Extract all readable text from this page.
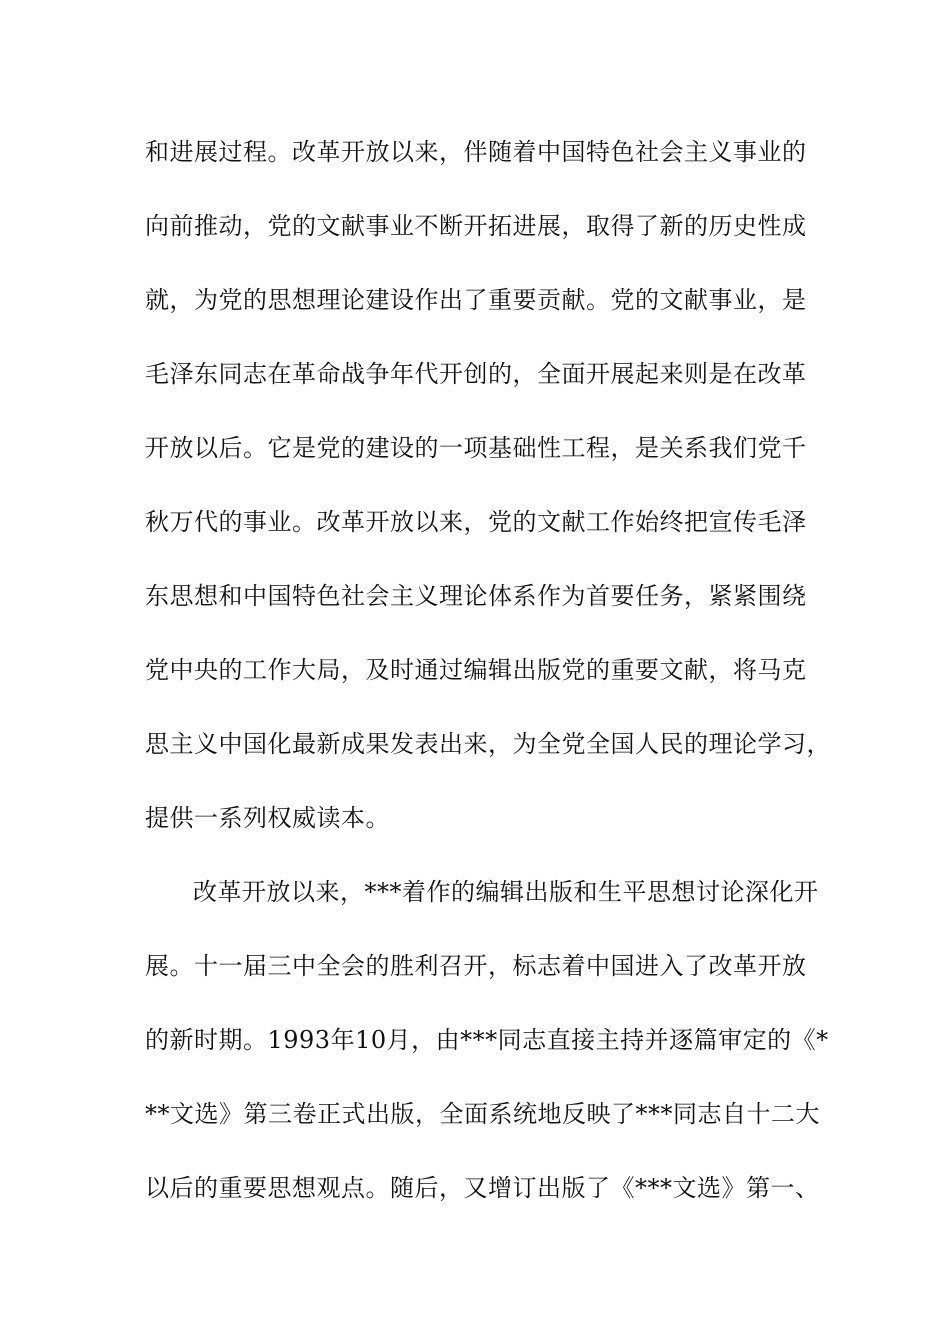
和进展过程。改革开放以来，伴随着中国特色社会主义事业的
向前推动，党的文献事业不断开拓进展，取得了新的历史性成
就，为党的思想理论建设作出了重要贡献。党的文献事业，是
毛泽东同志在革命战争年代开创的，全面开展起来则是在改革
开放以后。它是党的建设的一项基础性工程，是关系我们党千
秋万代的事业。改革开放以来，党的文献工作始终把宣传毛泽
东思想和中国特色社会主义理论体系作为首要任务，紧紧围绕
党中央的工作大局，及时通过编辑出版党的重要文献，将马克
思主义中国化最新成果发表出来，为全党全国人民的理论学习，
提供一系列权威读本。
改革开放以来，***着作的编辑出版和生平思想讨论深化开
展。十一届三中全会的胜利召开，标志着中国进入了改革开放
的新时期。1993年10月，由***同志直接主持并逐篇审定的《*
**文选》第三卷正式出版，全面系统地反映了***同志自十二大
以后的重要思想观点。随后，又增订出版了《***文选》第一、
